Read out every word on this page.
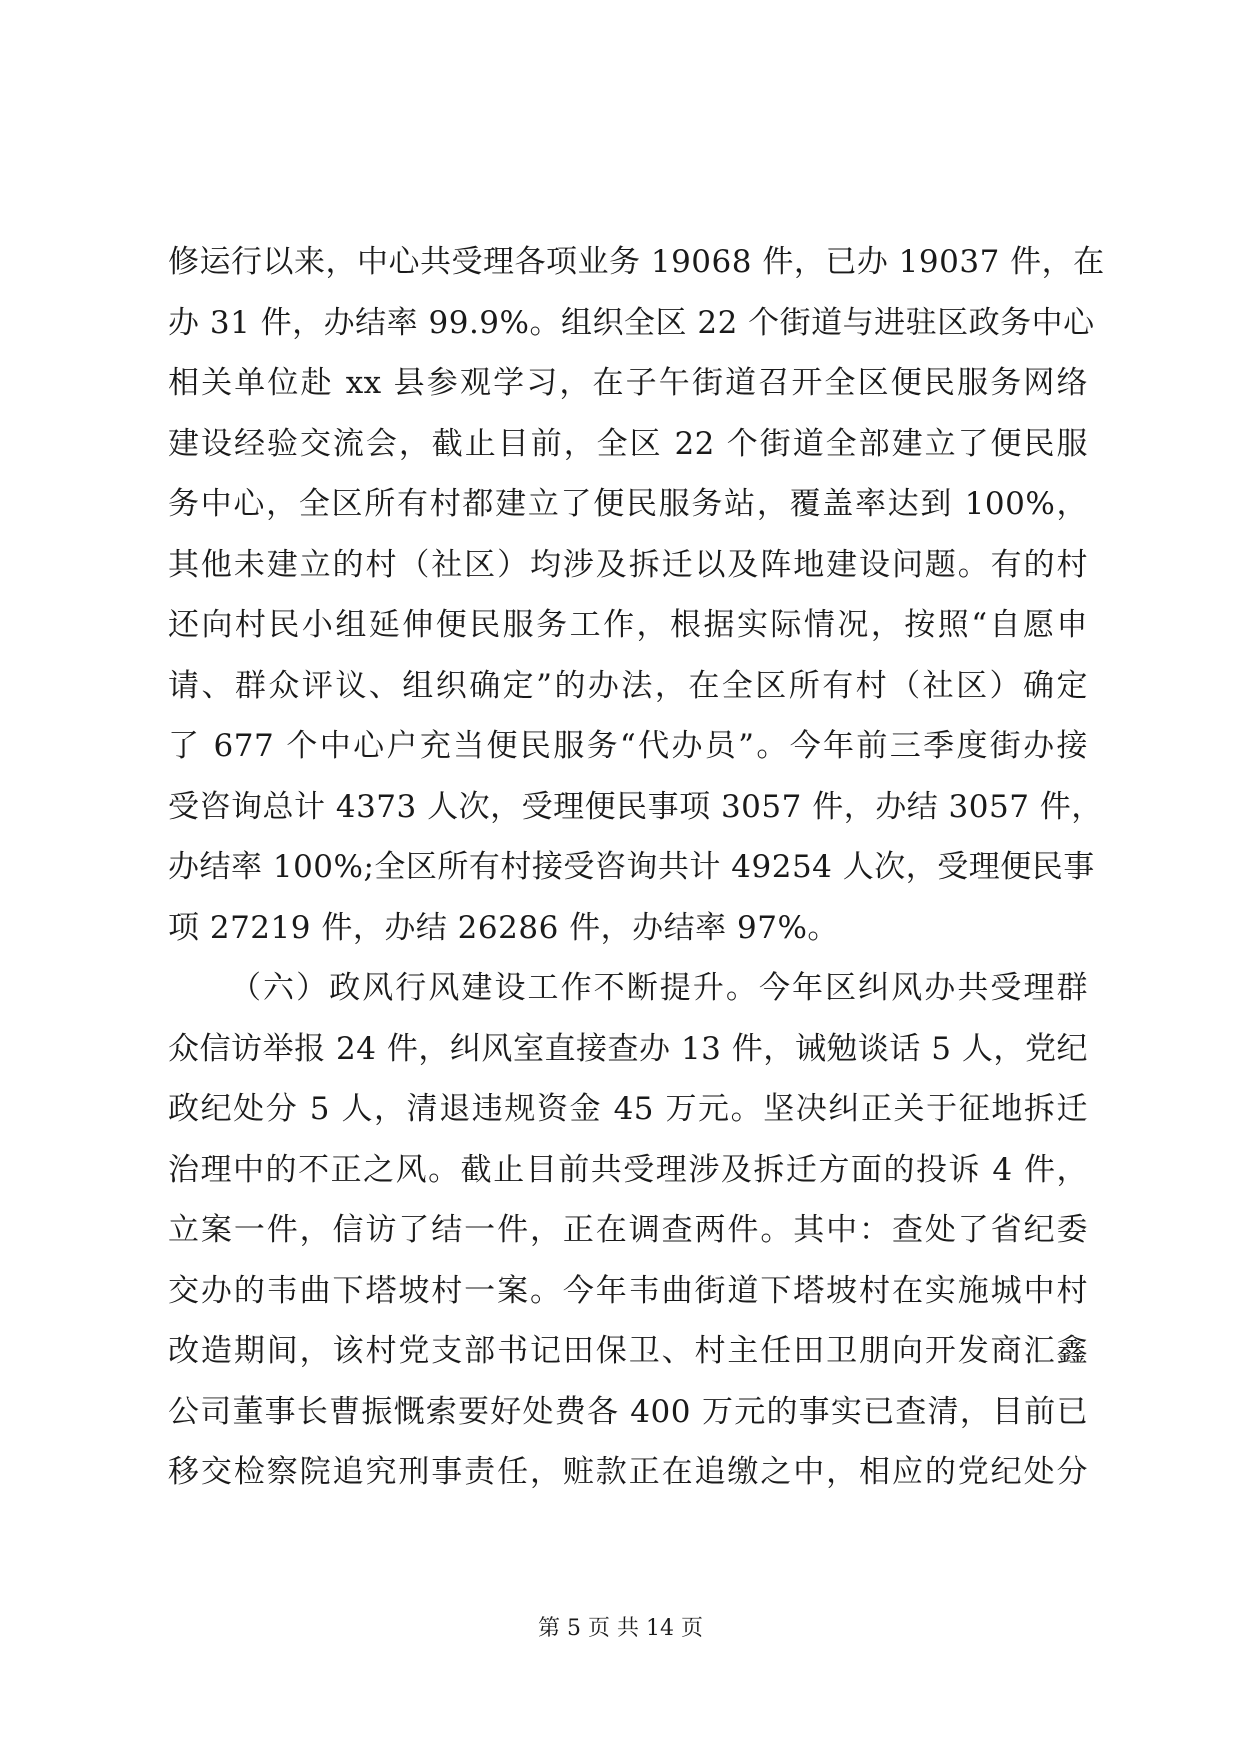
修运行以来，中心共受理各项业务 19068 件，已办 19037 件，在
办 31 件，办结率 99.9%。组织全区 22 个街道与进驻区政务中心
相关单位赴 xx 县参观学习，在子午街道召开全区便民服务网络
建设经验交流会，截止目前，全区 22 个街道全部建立了便民服
务中心，全区所有村都建立了便民服务站，覆盖率达到 100%，
其他未建立的村（社区）均涉及拆迁以及阵地建设问题。有的村
还向村民小组延伸便民服务工作，根据实际情况，按照“自愿申
请、群众评议、组织确定”的办法，在全区所有村（社区）确定
了 677 个中心户充当便民服务“代办员”。今年前三季度街办接
受咨询总计 4373 人次，受理便民事项 3057 件，办结 3057 件，
办结率 100%;全区所有村接受咨询共计 49254 人次，受理便民事
项 27219 件，办结 26286 件，办结率 97%。
（六）政风行风建设工作不断提升。今年区纠风办共受理群
众信访举报 24 件，纠风室直接查办 13 件，诫勉谈话 5 人，党纪
政纪处分 5 人，清退违规资金 45 万元。坚决纠正关于征地拆迁
治理中的不正之风。截止目前共受理涉及拆迁方面的投诉 4 件，
立案一件，信访了结一件，正在调查两件。其中：查处了省纪委
交办的韦曲下塔坡村一案。今年韦曲街道下塔坡村在实施城中村
改造期间，该村党支部书记田保卫、村主任田卫朋向开发商汇鑫
公司董事长曹振慨索要好处费各 400 万元的事实已查清，目前已
移交检察院追究刑事责任，赃款正在追缴之中，相应的党纪处分
第 5 页 共 14 页
